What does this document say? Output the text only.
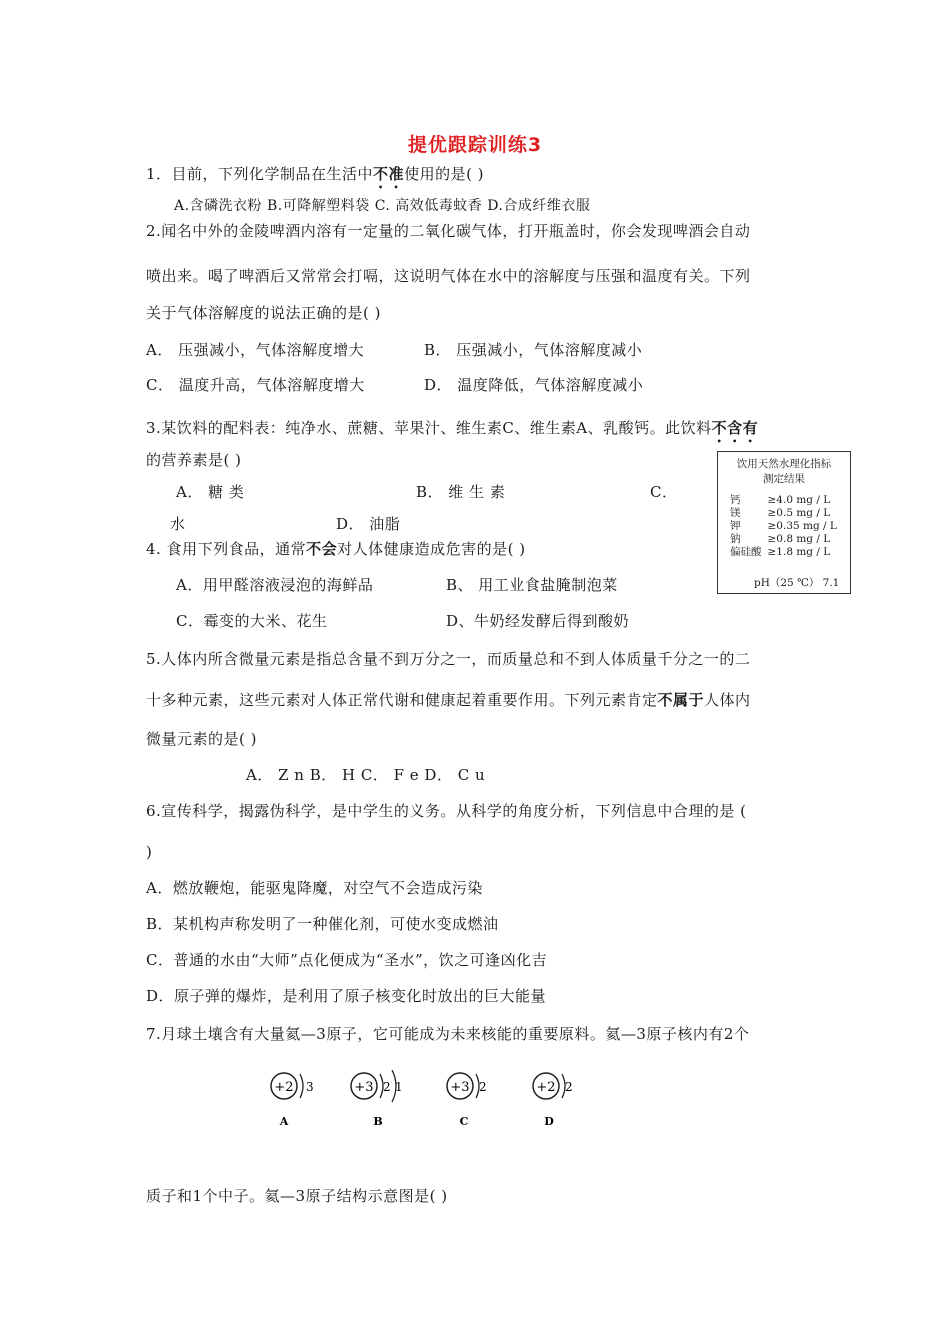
提优跟踪训练3
1．目前，下列化学制品在生活中不准使用的是( )
A.含磷洗衣粉 B.可降解塑料袋 C. 高效低毒蚊香 D.合成纤维衣服
2.闻名中外的金陵啤酒内溶有一定量的二氧化碳气体，打开瓶盖时，你会发现啤酒会自动
喷出来。喝了啤酒后又常常会打嗝，这说明气体在水中的溶解度与压强和温度有关。下列
关于气体溶解度的说法正确的是( )
A． 压强减小，气体溶解度增大	B． 压强减小，气体溶解度减小
C． 温度升高，气体溶解度增大	D． 温度降低，气体溶解度减小
3.某饮料的配料表：纯净水、蔗糖、苹果汁、维生素C、维生素A、乳酸钙。此饮料不含有
的营养素是( )
A． 糖 类	B． 维 生 素	C．
水	D． 油脂
饮用天然水理化指标
测定结果
钙	≥4.0 mg / L
镁	≥0.5 mg / L
钾	≥0.35 mg / L
钠	≥0.8 mg / L
偏硅酸	≥1.8 mg / L
pH（25 ℃） 7.1
4. 食用下列食品，通常不会对人体健康造成危害的是( )
A．用甲醛溶液浸泡的海鲜品	B、 用工业食盐腌制泡菜
C．霉变的大米、花生	D、牛奶经发酵后得到酸奶
5.人体内所含微量元素是指总含量不到万分之一，而质量总和不到人体质量千分之一的二
十多种元素，这些元素对人体正常代谢和健康起着重要作用。下列元素肯定不属于人体内
微量元素的是( )
A． Z n B． H C． F e D． C u
6.宣传科学，揭露伪科学，是中学生的义务。从科学的角度分析，下列信息中合理的是 (
)
A．燃放鞭炮，能驱鬼降魔，对空气不会造成污染
B．某机构声称发明了一种催化剂，可使水变成燃油
C．普通的水由“大师”点化便成为“圣水”，饮之可逢凶化吉
D．原子弹的爆炸，是利用了原子核变化时放出的巨大能量
7.月球土壤含有大量氦—3原子，它可能成为未来核能的重要原料。氦—3原子核内有2个
+2 3
A
+3 2 1
B
+3 2
C
+2 2
D
质子和1个中子。氦—3原子结构示意图是( )
